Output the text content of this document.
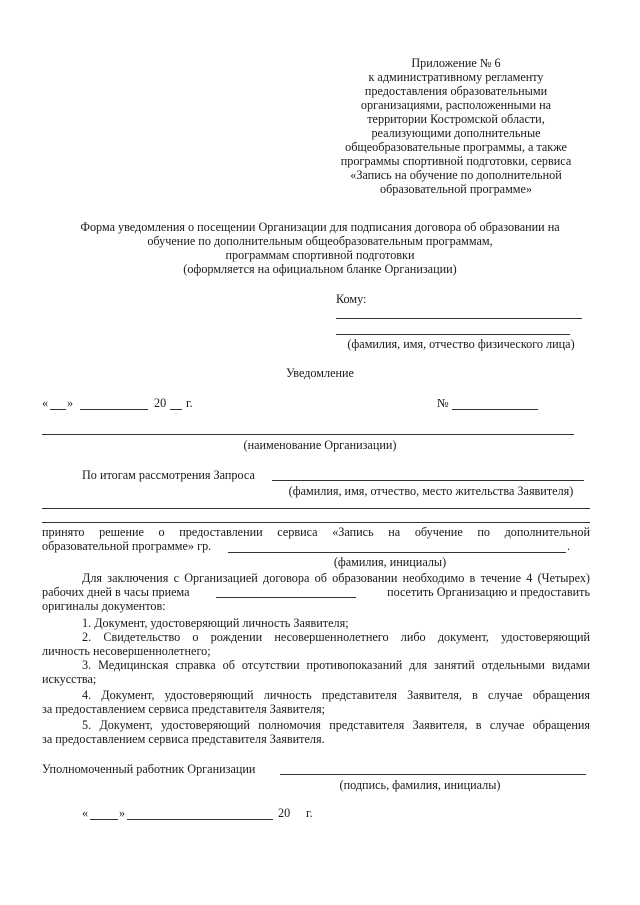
Приложение № 6
к административному регламенту
предоставления образовательными
организациями, расположенными на
территории Костромской области,
реализующими дополнительные
общеобразовательные программы, а также
программы спортивной подготовки, сервиса
«Запись на обучение по дополнительной
образовательной программе»
Форма уведомления о посещении Организации для подписания договора об образовании на
обучение по дополнительным общеобразовательным программам,
программам спортивной подготовки
(оформляется на официальном бланке Организации)
Кому:
(фамилия, имя, отчество физического лица)
Уведомление
« »	20 г.	№
(наименование Организации)
По итогам рассмотрения Запроса
(фамилия, имя, отчество, место жительства Заявителя)
принято решение о предоставлении сервиса «Запись на обучение по дополнительной
образовательной программе» гр.	.
(фамилия, инициалы)
Для заключения с Организацией договора об образовании необходимо в течение 4 (Четырех)
рабочих дней в часы приема	посетить Организацию и предоставить
оригиналы документов:
1. Документ, удостоверяющий личность Заявителя;
2. Свидетельство о рождении несовершеннолетнего либо документ, удостоверяющий
личность несовершеннолетнего;
3. Медицинская справка об отсутствии противопоказаний для занятий отдельными видами
искусства;
4. Документ, удостоверяющий личность представителя Заявителя, в случае обращения
за предоставлением сервиса представителя Заявителя;
5. Документ, удостоверяющий полномочия представителя Заявителя, в случае обращения
за предоставлением сервиса представителя Заявителя.
Уполномоченный работник Организации
(подпись, фамилия, инициалы)
«	»	20 г.
